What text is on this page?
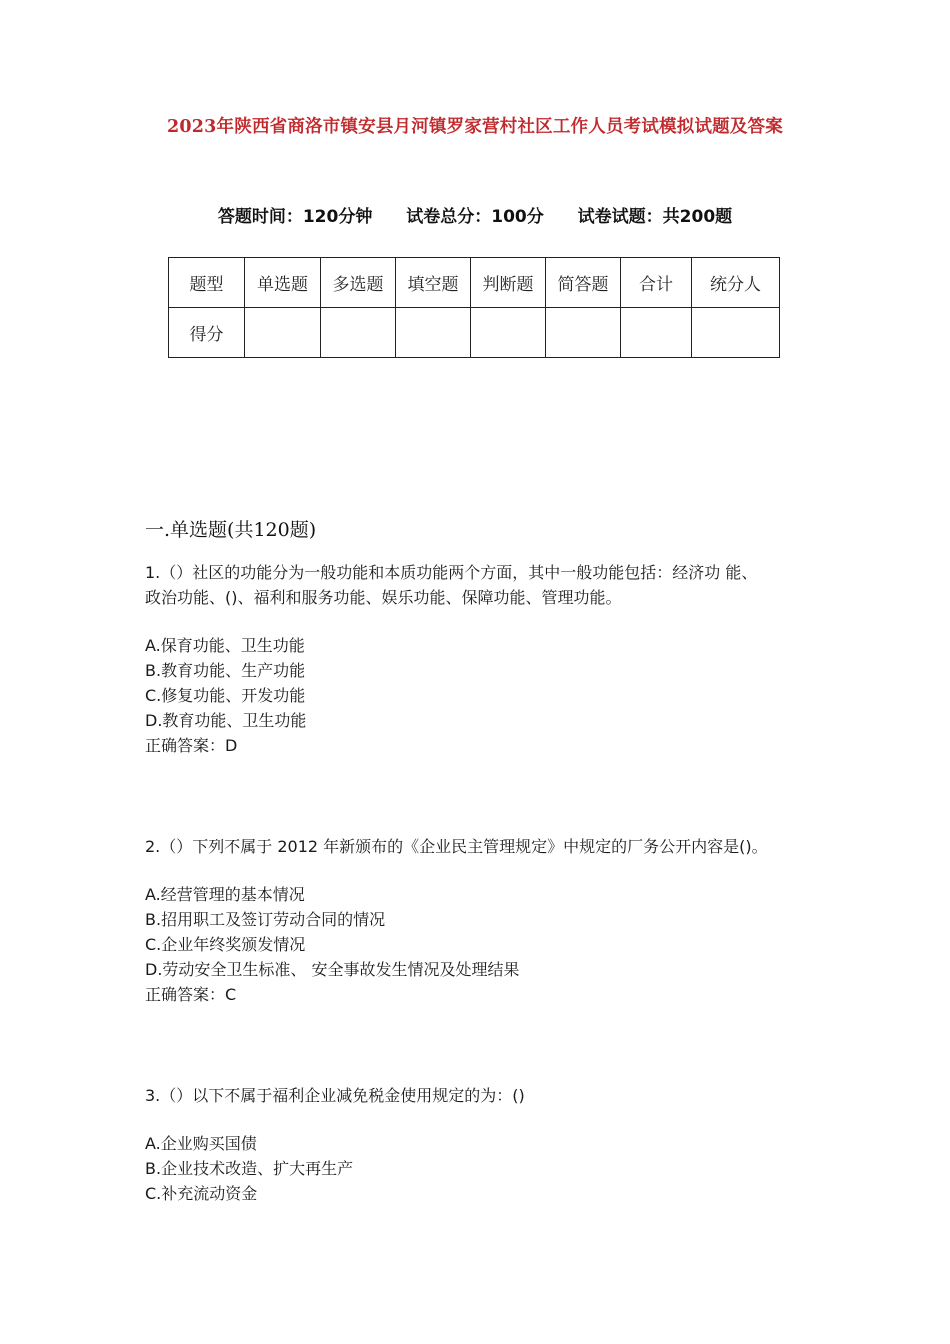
2023年陕西省商洛市镇安县月河镇罗家营村社区工作人员考试模拟试题及答案
答题时间：120分钟 试卷总分：100分 试卷试题：共200题
题型	单选题	多选题	填空题	判断题	简答题	合计	统分人
得分							
一.单选题(共120题)
1.（）社区的功能分为一般功能和本质功能两个方面，其中一般功能包括：经济功 能、
政治功能、()、福利和服务功能、娱乐功能、保障功能、管理功能。
A.保育功能、卫生功能
B.教育功能、生产功能
C.修复功能、开发功能
D.教育功能、卫生功能
正确答案：D
2.（）下列不属于 2012 年新颁布的《企业民主管理规定》中规定的厂务公开内容是()。
A.经营管理的基本情况
B.招用职工及签订劳动合同的情况
C.企业年终奖颁发情况
D.劳动安全卫生标准、 安全事故发生情况及处理结果
正确答案：C
3.（）以下不属于福利企业减免税金使用规定的为：()
A.企业购买国债
B.企业技术改造、扩大再生产
C.补充流动资金
